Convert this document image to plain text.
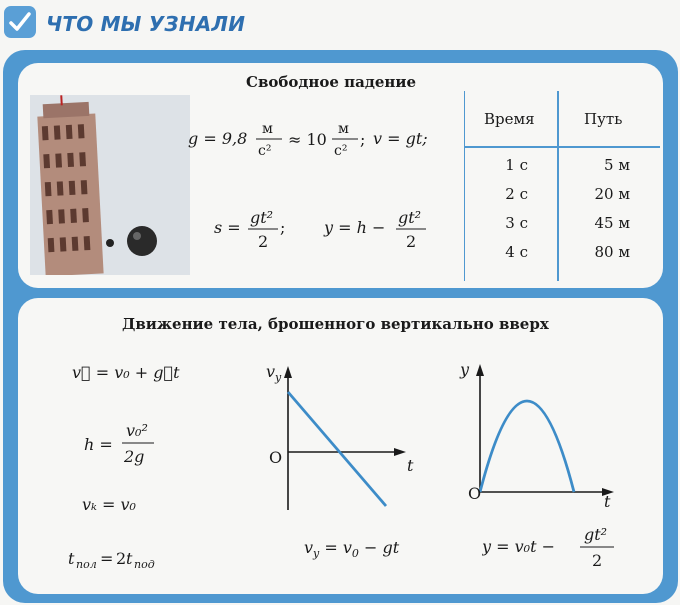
ЧТО МЫ УЗНАЛИ
Свободное падение
g = 9,8 м
с²
≈ 10
м
с²
; v = gt;
s =
gt²
2
; y = h −
gt²
2
Время	Путь
1 с	5 м
2 с	20 м
3 с	45 м
4 с	80 м
Движение тела, брошенного вертикально вверх
v⃗ = v₀ + g⃗t
h =
v₀²
2g
vₖ = v₀
t пол = 2 t под
$v_y$
O	t
$v_y = v_0$ − gt
y
O	t
y = v₀t −
gt²
2
